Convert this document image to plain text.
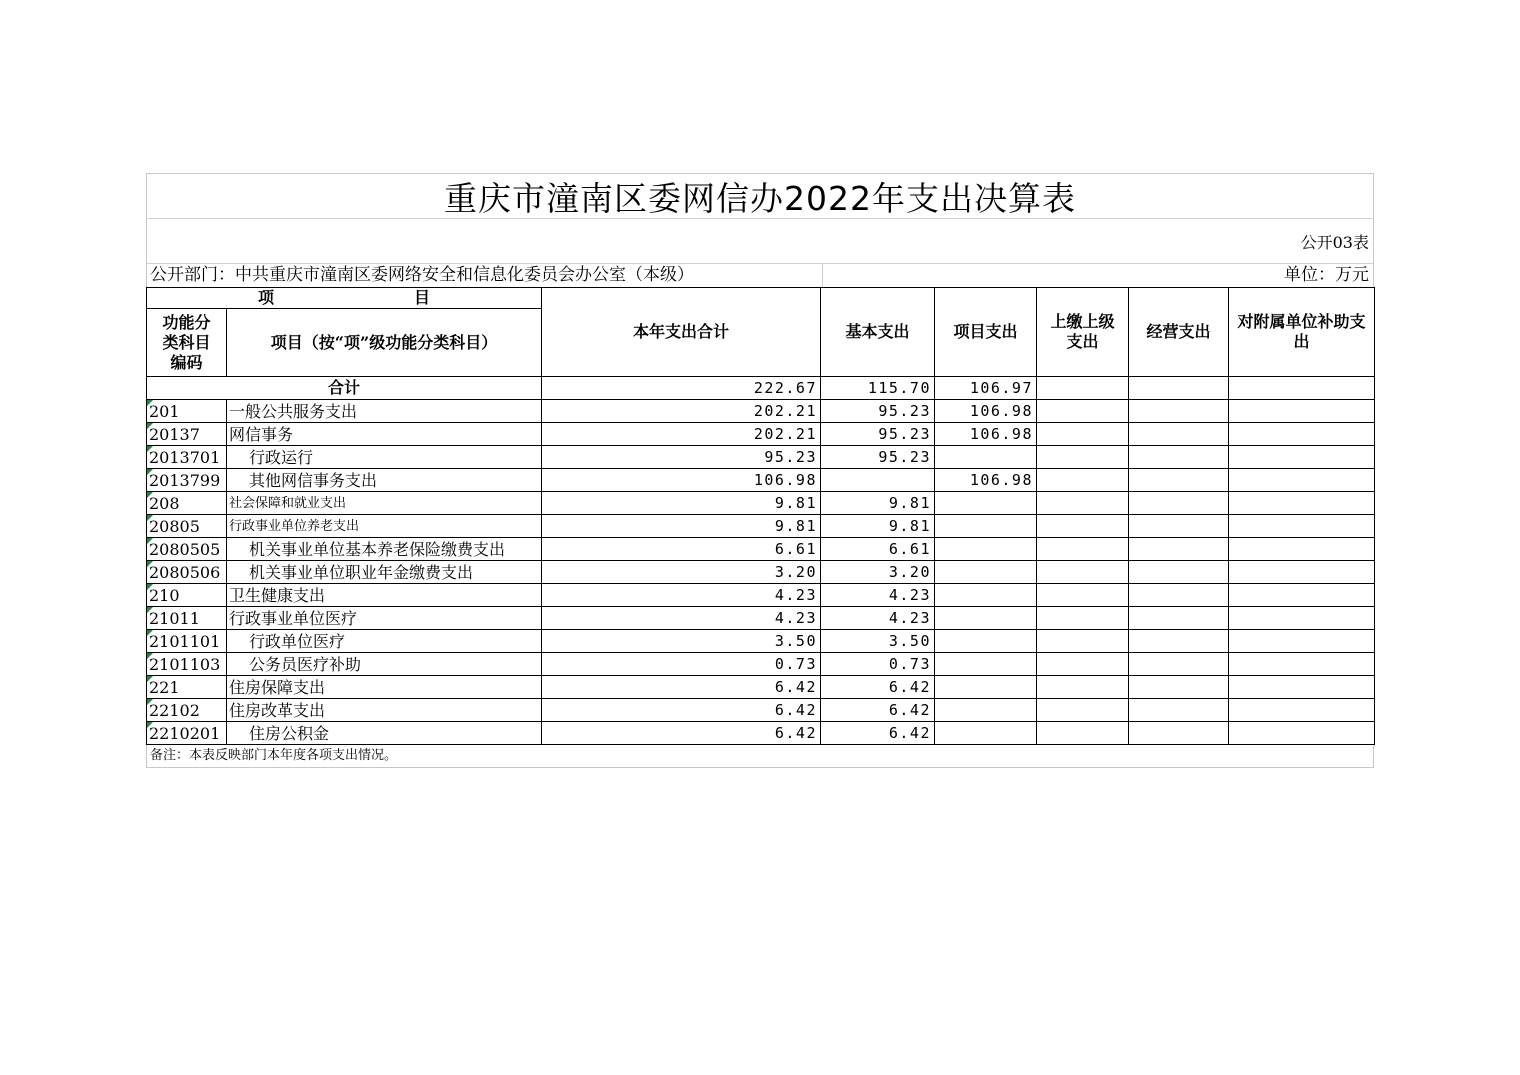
重庆市潼南区委网信办2022年支出决算表
公开03表
公开部门：中共重庆市潼南区委网络安全和信息化委员会办公室（本级）	单位：万元
项 目		本年支出合计	基本支出	项目支出	上缴上级支出	经营支出	对附属单位补助支出

功能分类科目编码	项目（按“项”级功能分类科目）						
合计		222.67	115.70	106.97			
201	一般公共服务支出	202.21	95.23	106.98			
20137	网信事务	202.21	95.23	106.98			
2013701	行政运行	95.23	95.23				
2013799	其他网信事务支出	106.98		106.98			
208	社会保障和就业支出	9.81	9.81				
20805	行政事业单位养老支出	9.81	9.81				
2080505	机关事业单位基本养老保险缴费支出	6.61	6.61				
2080506	机关事业单位职业年金缴费支出	3.20	3.20				
210	卫生健康支出	4.23	4.23				
21011	行政事业单位医疗	4.23	4.23				
2101101	行政单位医疗	3.50	3.50				
2101103	公务员医疗补助	0.73	0.73				
221	住房保障支出	6.42	6.42				
22102	住房改革支出	6.42	6.42				
2210201	住房公积金	6.42	6.42				
备注：本表反映部门本年度各项支出情况。
